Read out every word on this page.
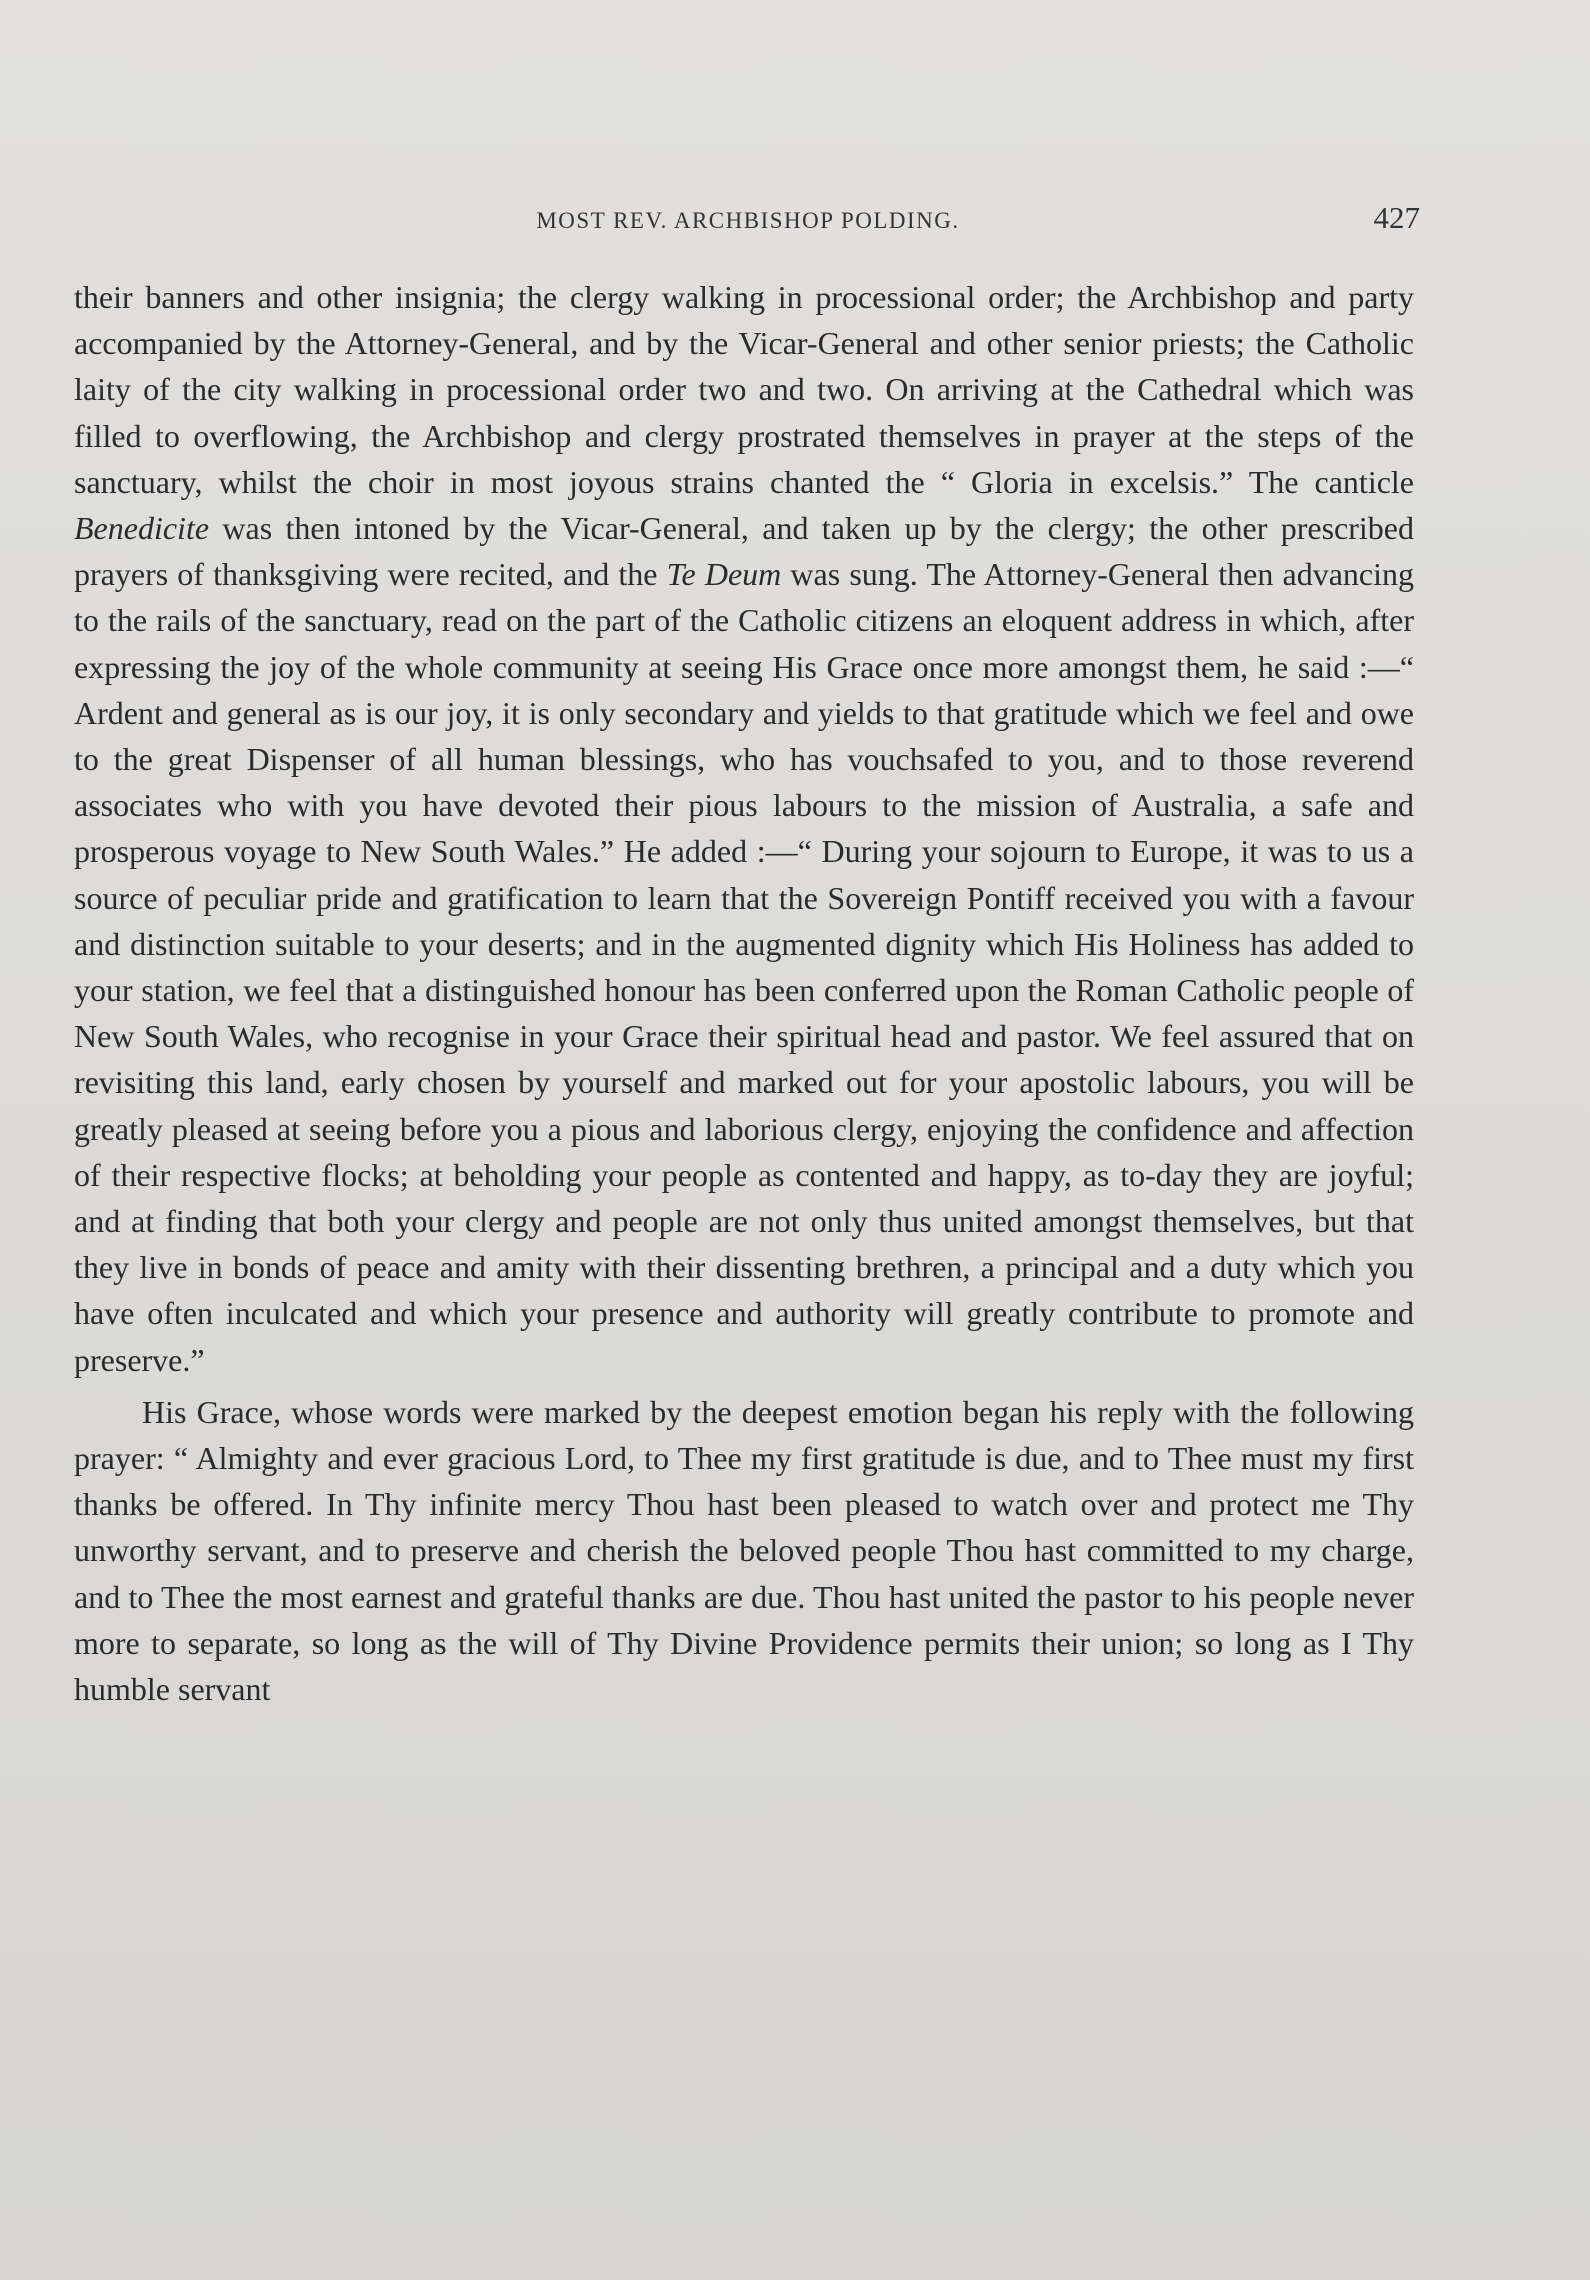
MOST REV. ARCHBISHOP POLDING.	427

their banners and other insignia; the clergy walking in processional order; the Archbishop and party accompanied by the Attorney-General, and by the Vicar-General and other senior priests; the Catholic laity of the city walking in processional order two and two. On arriving at the Cathedral which was filled to overflowing, the Archbishop and clergy prostrated themselves in prayer at the steps of the sanctuary, whilst the choir in most joyous strains chanted the “ Gloria in excelsis.” The canticle Benedicite was then intoned by the Vicar-General, and taken up by the clergy; the other prescribed prayers of thanksgiving were recited, and the Te Deum was sung. The Attorney-General then advancing to the rails of the sanctuary, read on the part of the Catholic citizens an eloquent address in which, after expressing the joy of the whole community at seeing His Grace once more amongst them, he said :—“ Ardent and general as is our joy, it is only secondary and yields to that gratitude which we feel and owe to the great Dispenser of all human blessings, who has vouchsafed to you, and to those reverend associates who with you have devoted their pious labours to the mission of Australia, a safe and prosperous voyage to New South Wales.” He added :—“ During your sojourn to Europe, it was to us a source of peculiar pride and gratification to learn that the Sovereign Pontiff received you with a favour and distinction suitable to your deserts; and in the augmented dignity which His Holiness has added to your station, we feel that a distinguished honour has been conferred upon the Roman Catholic people of New South Wales, who recognise in your Grace their spiritual head and pastor. We feel assured that on revisiting this land, early chosen by yourself and marked out for your apostolic labours, you will be greatly pleased at seeing before you a pious and laborious clergy, enjoying the confidence and affection of their respective flocks; at beholding your people as contented and happy, as to-day they are joyful; and at finding that both your clergy and people are not only thus united amongst themselves, but that they live in bonds of peace and amity with their dissenting brethren, a principal and a duty which you have often inculcated and which your presence and authority will greatly contribute to promote and preserve.”

His Grace, whose words were marked by the deepest emotion began his reply with the following prayer: “ Almighty and ever gracious Lord, to Thee my first gratitude is due, and to Thee must my first thanks be offered. In Thy infinite mercy Thou hast been pleased to watch over and protect me Thy unworthy servant, and to preserve and cherish the beloved people Thou hast committed to my charge, and to Thee the most earnest and grateful thanks are due. Thou hast united the pastor to his people never more to separate, so long as the will of Thy Divine Providence permits their union; so long as I Thy humble servant
